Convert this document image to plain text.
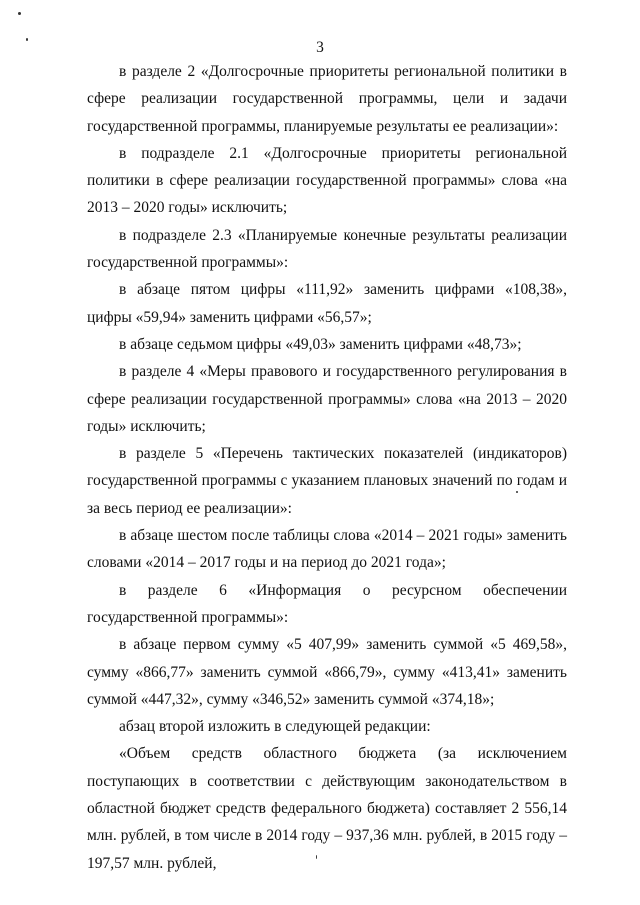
3

в разделе 2 «Долгосрочные приоритеты региональной политики в сфере реализации государственной программы, цели и задачи государственной программы, планируемые результаты ее реализации»:

в подразделе 2.1 «Долгосрочные приоритеты региональной политики в сфере реализации государственной программы» слова «на 2013 – 2020 годы» исключить;

в подразделе 2.3 «Планируемые конечные результаты реализации государственной программы»:

в абзаце пятом цифры «111,92» заменить цифрами «108,38», цифры «59,94» заменить цифрами «56,57»;

в абзаце седьмом цифры «49,03» заменить цифрами «48,73»;

в разделе 4 «Меры правового и государственного регулирования в сфере реализации государственной программы» слова «на 2013 – 2020 годы» исключить;

в разделе 5 «Перечень тактических показателей (индикаторов) государственной программы с указанием плановых значений по годам и за весь период ее реализации»:

в абзаце шестом после таблицы слова «2014 – 2021 годы» заменить словами «2014 – 2017 годы и на период до 2021 года»;

в разделе 6 «Информация о ресурсном обеспечении государственной программы»:

в абзаце первом сумму «5 407,99» заменить суммой «5 469,58», сумму «866,77» заменить суммой «866,79», сумму «413,41» заменить суммой «447,32», сумму «346,52» заменить суммой «374,18»;

абзац второй изложить в следующей редакции:

«Объем средств областного бюджета (за исключением поступающих в соответствии с действующим законодательством в областной бюджет средств федерального бюджета) составляет 2 556,14 млн. рублей, в том числе в 2014 году – 937,36 млн. рублей, в 2015 году – 197,57 млн. рублей,
